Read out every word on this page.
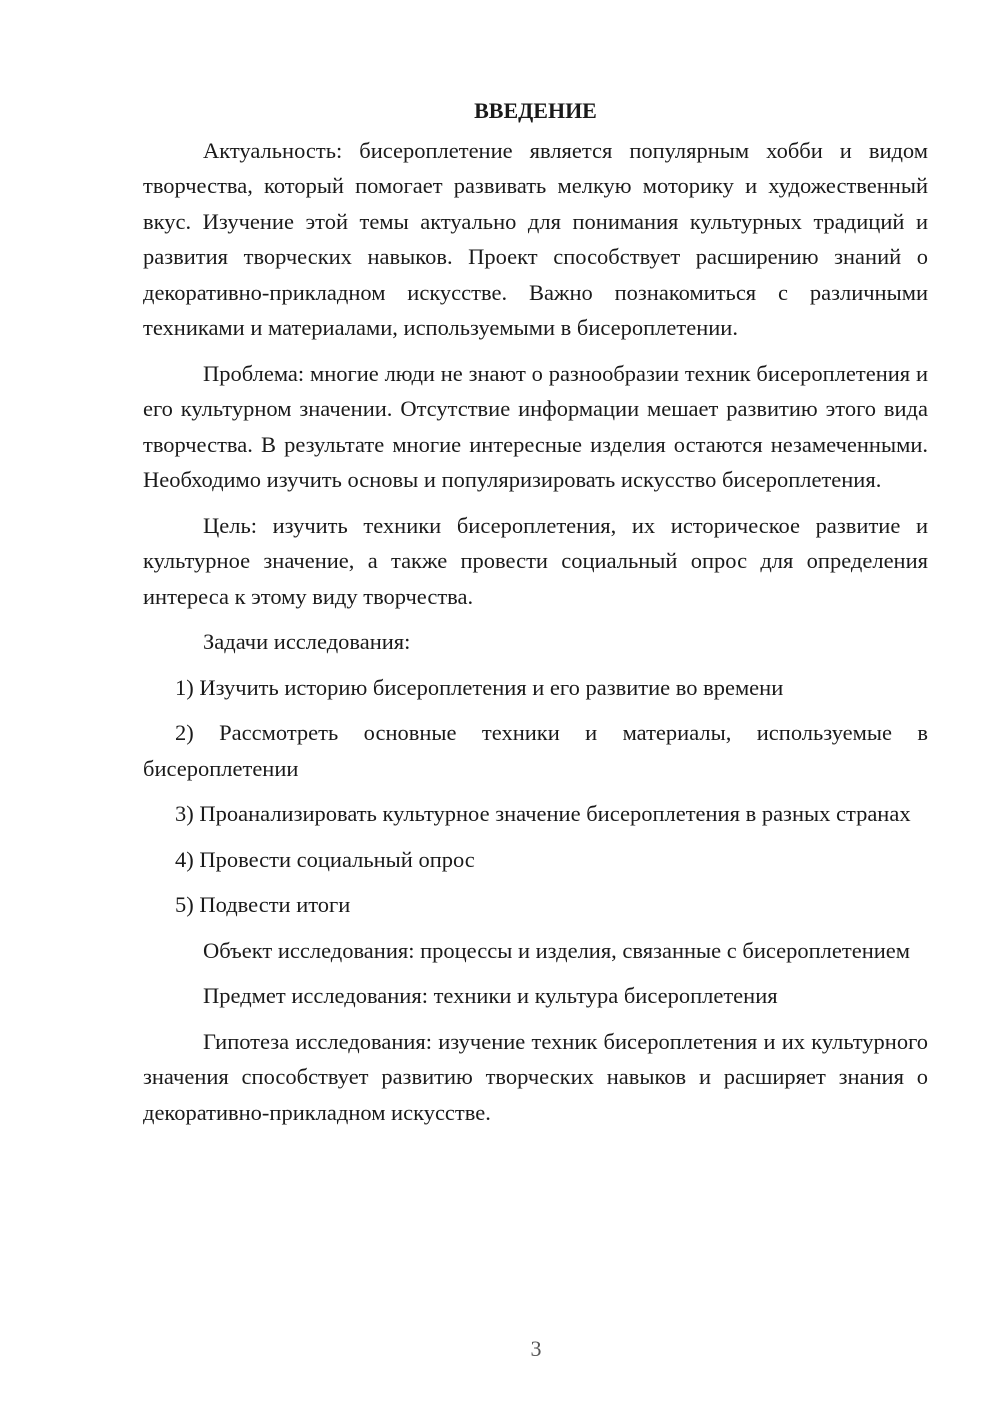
ВВЕДЕНИЕ

Актуальность: бисероплетение является популярным хобби и видом творчества, который помогает развивать мелкую моторику и художественный вкус. Изучение этой темы актуально для понимания культурных традиций и развития творческих навыков. Проект способствует расширению знаний о декоративно-прикладном искусстве. Важно познакомиться с различными техниками и материалами, используемыми в бисероплетении.

Проблема: многие люди не знают о разнообразии техник бисероплетения и его культурном значении. Отсутствие информации мешает развитию этого вида творчества. В результате многие интересные изделия остаются незамеченными. Необходимо изучить основы и популяризировать искусство бисероплетения.

Цель: изучить техники бисероплетения, их историческое развитие и культурное значение, а также провести социальный опрос для определения интереса к этому виду творчества.

Задачи исследования:

1) Изучить историю бисероплетения и его развитие во времени

2) Рассмотреть основные техники и материалы, используемые в бисероплетении

3) Проанализировать культурное значение бисероплетения в разных странах

4) Провести социальный опрос

5) Подвести итоги

Объект исследования: процессы и изделия, связанные с бисероплетением

Предмет исследования: техники и культура бисероплетения

Гипотеза исследования: изучение техник бисероплетения и их культурного значения способствует развитию творческих навыков и расширяет знания о декоративно-прикладном искусстве.

3
